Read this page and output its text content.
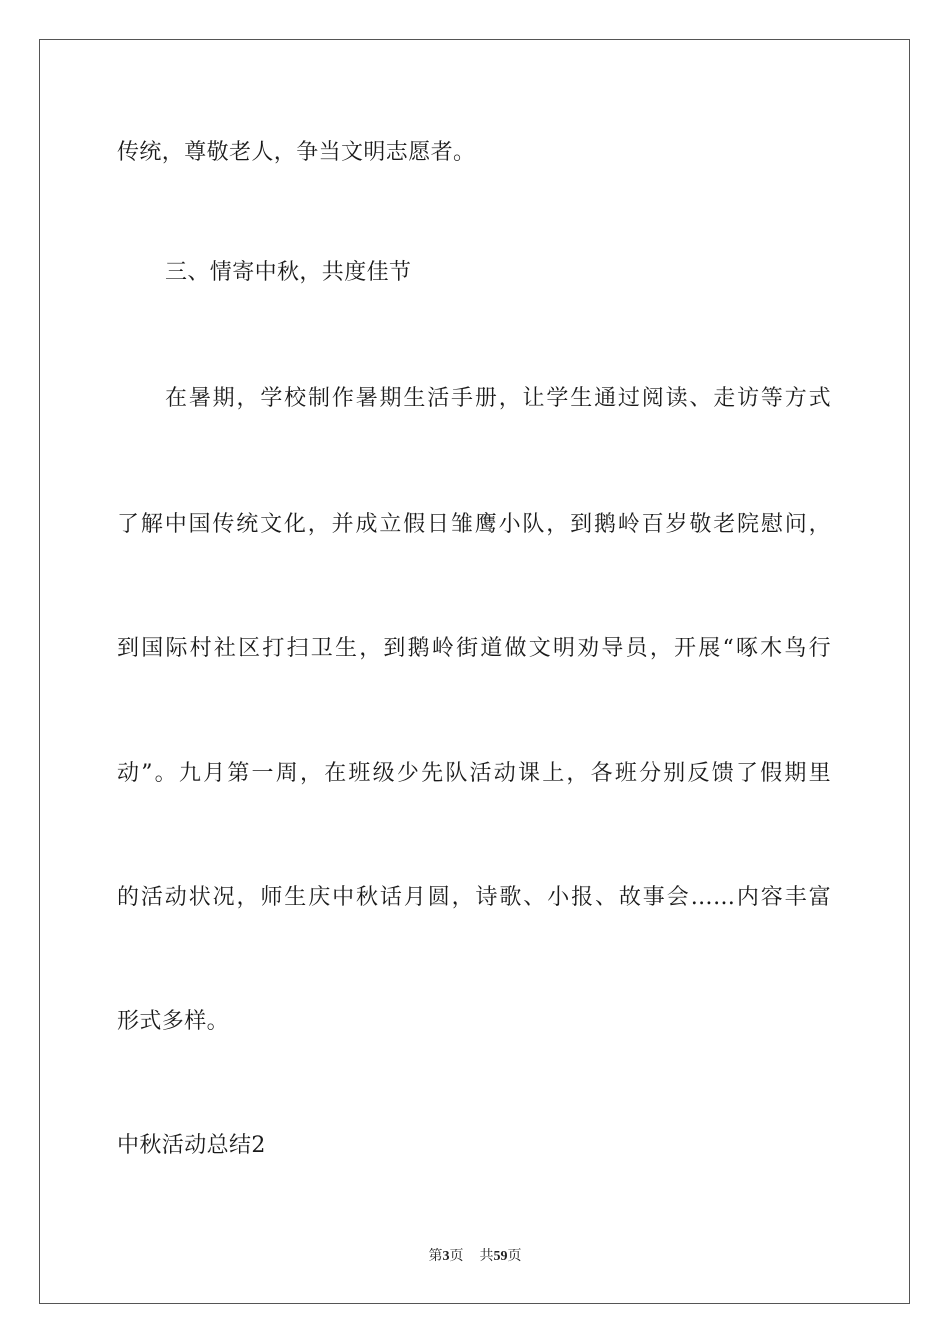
传统，尊敬老人，争当文明志愿者。
三、情寄中秋，共度佳节
在暑期，学校制作暑期生活手册，让学生通过阅读、走访等方式
了解中国传统文化，并成立假日雏鹰小队，到鹅岭百岁敬老院慰问，
到国际村社区打扫卫生，到鹅岭街道做文明劝导员，开展“啄木鸟行
动”。九月第一周，在班级少先队活动课上，各班分别反馈了假期里
的活动状况，师生庆中秋话月圆，诗歌、小报、故事会……内容丰富
形式多样。
中秋活动总结2
第3页 共59页
